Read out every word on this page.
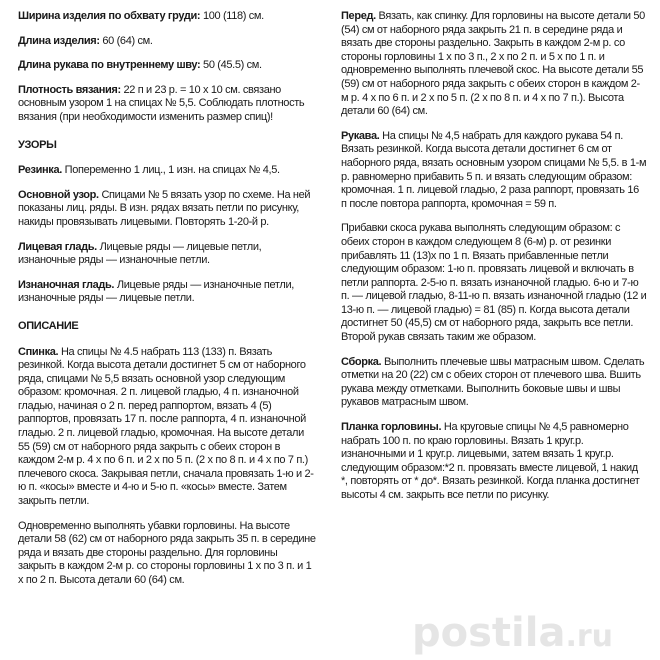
Ширина изделия по обхвату груди: 100 (118) см.

Длина изделия: 60 (64) см.

Длина рукава по внутреннему шву: 50 (45.5) см.

Плотность вязания: 22 п и 23 р. = 10 х 10 см. связано основным узором 1 на спицах № 5,5. Соблюдать плотность вязания (при необходимости изменить размер спиц)!

УЗОРЫ

Резинка. Попеременно 1 лиц., 1 изн. на спицах № 4,5.

Основной узор. Спицами № 5 вязать узор по схеме. На ней показаны лиц. ряды. В изн. рядах вязать петли по рисунку, накиды провязывать лицевыми. Повторять 1-20-й р.

Лицевая гладь. Лицевые ряды — лицевые петли, изнаночные ряды — изнаночные петли.

Изнаночная гладь. Лицевые ряды — изнаночные петли, изнаночные ряды — лицевые петли.

ОПИСАНИЕ

Спинка. На спицы № 4.5 набрать 113 (133) п. Вязать резинкой. Когда высота детали достигнет 5 см от наборного ряда, спицами № 5,5 вязать основной узор следующим образом: кромочная. 2 п. лицевой гладью, 4 п. изнаночной гладью, начиная о 2 п. перед раппортом, вязать 4 (5) раппортов, провязать 17 п. после раппорта, 4 п. изнаночной гладью. 2 п. лицевой гладью, кромочная. На высоте детали 55 (59) см от наборного ряда закрыть с обеих сторон в каждом 2-м р. 4 х по 6 п. и 2 х по 5 п. (2 х по 8 п. и 4 х по 7 п.) плечевого скоса. Закрывая петли, сначала провязать 1-ю и 2-ю п. «косы» вместе и 4-ю и 5-ю п. «косы» вместе. Затем закрыть петли.

Одновременно выполнять убавки горловины. На высоте детали 58 (62) см от наборного ряда закрыть 35 п. в середине ряда и вязать две стороны раздельно. Для горловины закрыть в каждом 2-м р. со стороны горловины 1 х по 3 п. и 1 х по 2 п. Высота детали 60 (64) см.

Перед. Вязать, как спинку. Для горловины на высоте детали 50 (54) см от наборного ряда закрыть 21 п. в середине ряда и вязать две стороны раздельно. Закрыть в каждом 2-м р. со стороны горловины 1 х по 3 п., 2 х по 2 п. и 5 х по 1 п. и одновременно выполнять плечевой скос. На высоте детали 55 (59) см от наборного ряда закрыть с обеих сторон в каждом 2-м р. 4 х по 6 п. и 2 х по 5 п. (2 х по 8 п. и 4 х по 7 п.). Высота детали 60 (64) см.

Рукава. На спицы № 4,5 набрать для каждого рукава 54 п. Вязать резинкой. Когда высота детали достигнет 6 см от наборного ряда, вязать основным узором спицами № 5,5. в 1-м р. равномерно прибавить 5 п. и вязать следующим образом: кромочная. 1 п. лицевой гладью, 2 раза раппорт, провязать 16 п после повтора раппорта, кромочная = 59 п.

Прибавки скоса рукава выполнять следующим образом: с обеих сторон в каждом следующем 8 (6-м) р. от резинки прибавлять 11 (13)х по 1 п. Вязать прибавленные петли следующим образом: 1-ю п. провязать лицевой и включать в петли раппорта. 2-5-ю п. вязать изнаночной гладью. 6-ю и 7-ю п. — лицевой гладью, 8-11-ю п. вязать изнаночной гладью (12 и 13-ю п. — лицевой гладью) = 81 (85) п. Когда высота детали достигнет 50 (45,5) см от наборного ряда, закрыть все петли. Второй рукав связать таким же образом.

Сборка. Выполнить плечевые швы матрасным швом. Сделать отметки на 20 (22) см с обеих сторон от плечевого шва. Вшить рукава между отметками. Выполнить боковые швы и швы рукавов матрасным швом.

Планка горловины. На круговые спицы № 4,5 равномерно набрать 100 п. по краю горловины. Вязать 1 круг.р. изнаночными и 1 круг.р. лицевыми, затем вязать 1 круг.р. следующим образом:*2 п. провязать вместе лицевой, 1 накид *, повторять от * до*. Вязать резинкой. Когда планка достигнет высоты 4 см. закрыть все петли по рисунку.

postila.ru
